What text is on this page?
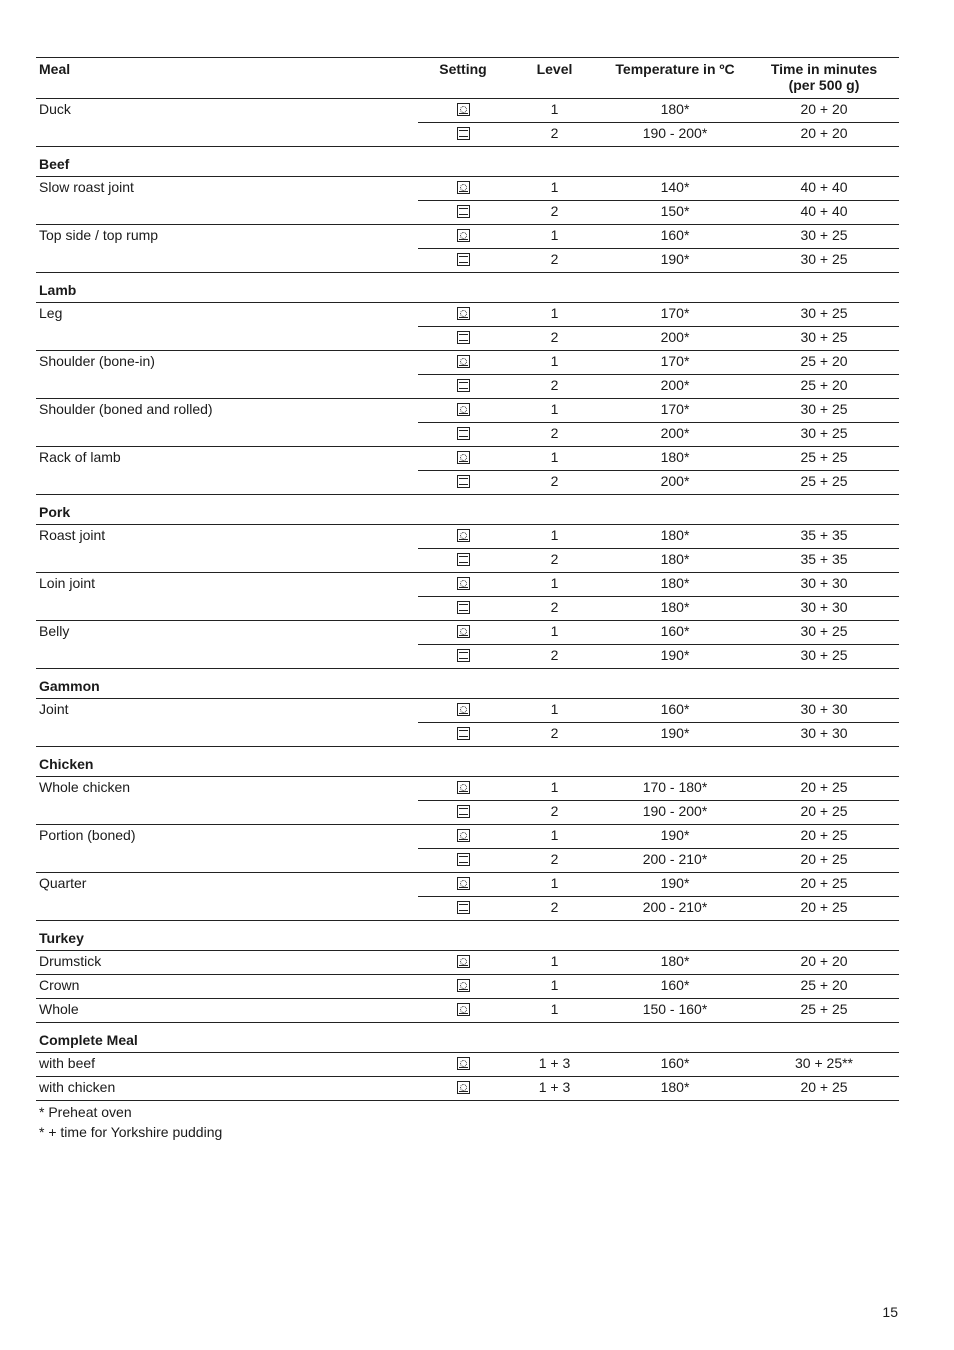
Meal	Setting	Level	Temperature in ºC	Time in minutes
(per 500 g)
Duck		1	180*	20 + 20
		2	190 - 200*	20 + 20
Beef				
Slow roast joint		1	140*	40 + 40
		2	150*	40 + 40
Top side / top rump		1	160*	30 + 25
		2	190*	30 + 25
Lamb				
Leg		1	170*	30 + 25
		2	200*	30 + 25
Shoulder (bone-in)		1	170*	25 + 20
		2	200*	25 + 20
Shoulder (boned and rolled)		1	170*	30 + 25
		2	200*	30 + 25
Rack of lamb		1	180*	25 + 25
		2	200*	25 + 25
Pork				
Roast joint		1	180*	35 + 35
		2	180*	35 + 35
Loin joint		1	180*	30 + 30
		2	180*	30 + 30
Belly		1	160*	30 + 25
		2	190*	30 + 25
Gammon				
Joint		1	160*	30 + 30
		2	190*	30 + 30
Chicken				
Whole chicken		1	170 - 180*	20 + 25
		2	190 - 200*	20 + 25
Portion (boned)		1	190*	20 + 25
		2	200 - 210*	20 + 25
Quarter		1	190*	20 + 25
		2	200 - 210*	20 + 25
Turkey				
Drumstick		1	180*	20 + 20
Crown		1	160*	25 + 20
Whole		1	150 - 160*	25 + 25
Complete Meal				
with beef		1 + 3	160*	30 + 25**
with chicken		1 + 3	180*	20 + 25
* Preheat oven
* + time for Yorkshire pudding
15
